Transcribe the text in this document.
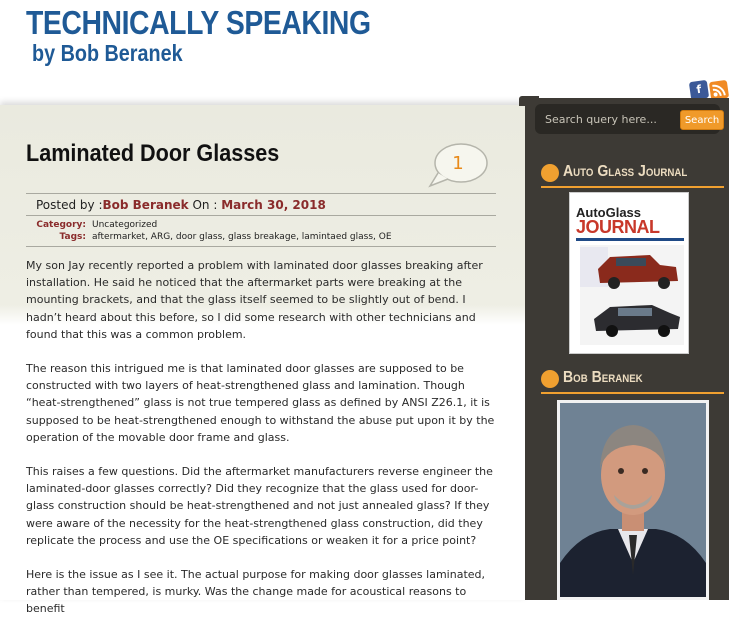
TECHNICALLY SPEAKING
by Bob Beranek
f
Laminated Door Glasses	1
Posted by :Bob Beranek On : March 30, 2018
Category: Uncategorized
Tags: aftermarket, ARG, door glass, glass breakage, lamintaed glass, OE

My son Jay recently reported a problem with laminated door glasses breaking after installation. He said he noticed that the aftermarket parts were breaking at the mounting brackets, and that the glass itself seemed to be slightly out of bend. I hadn’t heard about this before, so I did some research with other technicians and found that this was a common problem.

The reason this intrigued me is that laminated door glasses are supposed to be constructed with two layers of heat-strengthened glass and lamination. Though “heat-strengthened” glass is not true tempered glass as defined by ANSI Z26.1, it is supposed to be heat-strengthened enough to withstand the abuse put upon it by the operation of the movable door frame and glass.

This raises a few questions. Did the aftermarket manufacturers reverse engineer the laminated-door glasses correctly? Did they recognize that the glass used for door-glass construction should be heat-strengthened and not just annealed glass? If they were aware of the necessity for the heat-strengthened glass construction, did they replicate the process and use the OE specifications or weaken it for a price point?

Here is the issue as I see it. The actual purpose for making door glasses laminated, rather than tempered, is murky. Was the change made for acoustical reasons to benefit

Search query here...
Search
Auto Glass Journal
AutoGlass
JOURNAL
Bob Beranek
